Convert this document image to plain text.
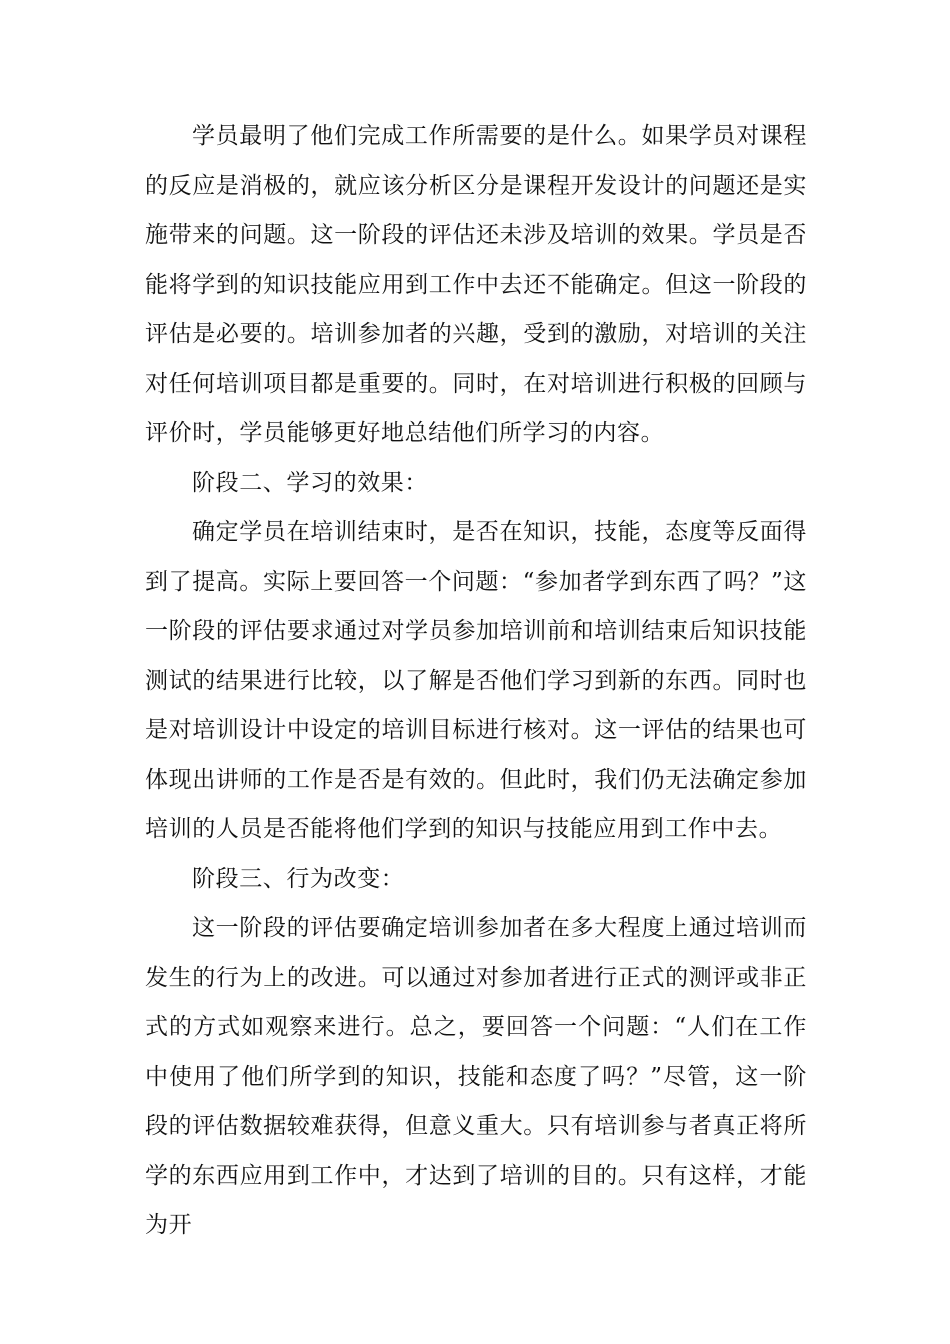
学员最明了他们完成工作所需要的是什么。如果学员对课程的反应是消极的，就应该分析区分是课程开发设计的问题还是实施带来的问题。这一阶段的评估还未涉及培训的效果。学员是否能将学到的知识技能应用到工作中去还不能确定。但这一阶段的评估是必要的。培训参加者的兴趣，受到的激励，对培训的关注对任何培训项目都是重要的。同时，在对培训进行积极的回顾与评价时，学员能够更好地总结他们所学习的内容。

阶段二、学习的效果：

确定学员在培训结束时，是否在知识，技能，态度等反面得到了提高。实际上要回答一个问题：“参加者学到东西了吗？”这一阶段的评估要求通过对学员参加培训前和培训结束后知识技能测试的结果进行比较，以了解是否他们学习到新的东西。同时也是对培训设计中设定的培训目标进行核对。这一评估的结果也可体现出讲师的工作是否是有效的。但此时，我们仍无法确定参加培训的人员是否能将他们学到的知识与技能应用到工作中去。

阶段三、行为改变：

这一阶段的评估要确定培训参加者在多大程度上通过培训而发生的行为上的改进。可以通过对参加者进行正式的测评或非正式的方式如观察来进行。总之，要回答一个问题：“人们在工作中使用了他们所学到的知识，技能和态度了吗？”尽管，这一阶段的评估数据较难获得，但意义重大。只有培训参与者真正将所学的东西应用到工作中，才达到了培训的目的。只有这样，才能为开
